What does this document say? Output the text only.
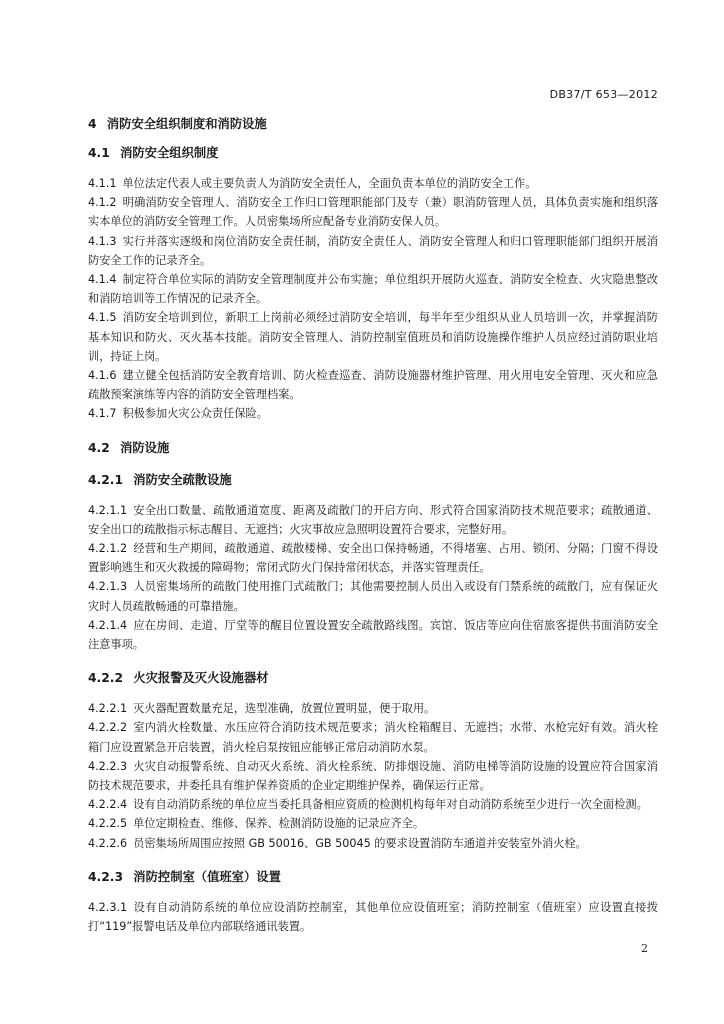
DB37/T 653—2012
4 消防安全组织制度和消防设施
4.1 消防安全组织制度

4.1.1 单位法定代表人或主要负责人为消防安全责任人，全面负责本单位的消防安全工作。

4.1.2 明确消防安全管理人、消防安全工作归口管理职能部门及专（兼）职消防管理人员，具体负责实施和组织落实本单位的消防安全管理工作。人员密集场所应配备专业消防安保人员。

4.1.3 实行并落实逐级和岗位消防安全责任制，消防安全责任人、消防安全管理人和归口管理职能部门组织开展消防安全工作的记录齐全。

4.1.4 制定符合单位实际的消防安全管理制度并公布实施；单位组织开展防火巡查、消防安全检查、火灾隐患整改和消防培训等工作情况的记录齐全。

4.1.5 消防安全培训到位，新职工上岗前必须经过消防安全培训，每半年至少组织从业人员培训一次，并掌握消防基本知识和防火、灭火基本技能。消防安全管理人、消防控制室值班员和消防设施操作维护人员应经过消防职业培训，持证上岗。

4.1.6 建立健全包括消防安全教育培训、防火检查巡查、消防设施器材维护管理、用火用电安全管理、灭火和应急疏散预案演练等内容的消防安全管理档案。

4.1.7 积极参加火灾公众责任保险。

4.2 消防设施
4.2.1 消防安全疏散设施

4.2.1.1 安全出口数量、疏散通道宽度、距离及疏散门的开启方向、形式符合国家消防技术规范要求；疏散通道、安全出口的疏散指示标志醒目、无遮挡；火灾事故应急照明设置符合要求，完整好用。

4.2.1.2 经营和生产期间，疏散通道、疏散楼梯、安全出口保持畅通，不得堵塞、占用、锁闭、分隔；门窗不得设置影响逃生和灭火救援的障碍物；常闭式防火门保持常闭状态，并落实管理责任。

4.2.1.3 人员密集场所的疏散门使用推门式疏散门；其他需要控制人员出入或设有门禁系统的疏散门，应有保证火灾时人员疏散畅通的可靠措施。

4.2.1.4 应在房间、走道、厅堂等的醒目位置设置安全疏散路线图。宾馆、饭店等应向住宿旅客提供书面消防安全注意事项。

4.2.2 火灾报警及灭火设施器材

4.2.2.1 灭火器配置数量充足，选型准确，放置位置明显，便于取用。

4.2.2.2 室内消火栓数量、水压应符合消防技术规范要求；消火栓箱醒目、无遮挡；水带、水枪完好有效。消火栓箱门应设置紧急开启装置，消火栓启泵按钮应能够正常启动消防水泵。

4.2.2.3 火灾自动报警系统、自动灭火系统、消火栓系统、防排烟设施、消防电梯等消防设施的设置应符合国家消防技术规范要求，并委托具有维护保养资质的企业定期维护保养，确保运行正常。

4.2.2.4 设有自动消防系统的单位应当委托具备相应资质的检测机构每年对自动消防系统至少进行一次全面检测。

4.2.2.5 单位定期检查、维修、保养、检测消防设施的记录应齐全。

4.2.2.6 员密集场所周围应按照 GB 50016、GB 50045 的要求设置消防车通道并安装室外消火栓。

4.2.3 消防控制室（值班室）设置

4.2.3.1 设有自动消防系统的单位应设消防控制室，其他单位应设值班室；消防控制室（值班室）应设置直接拨打“119”报警电话及单位内部联络通讯装置。

2
